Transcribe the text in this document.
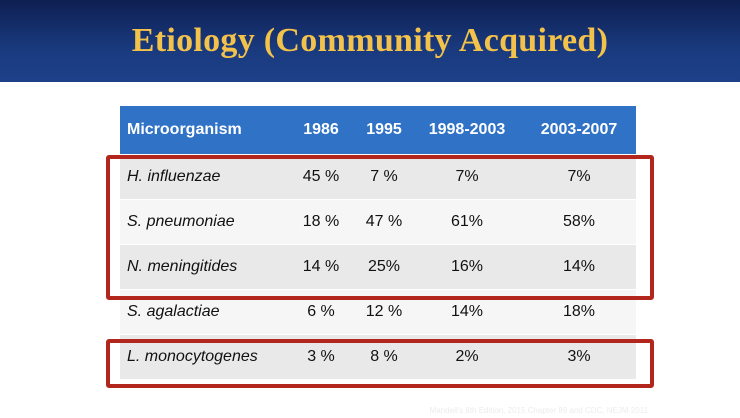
Etiology (Community Acquired)
Microorganism	1986	1995	1998-2003	2003-2007
H. influenzae	45 %	7 %	7%	7%
S. pneumoniae	18 %	47 %	61%	58%
N. meningitides	14 %	25%	16%	14%
S. agalactiae	6 %	12 %	14%	18%
L. monocytogenes	3 %	8 %	2%	3%
Mandell's 8th Edition, 2015 Chapter 89 and CDC, NEJM 2011
